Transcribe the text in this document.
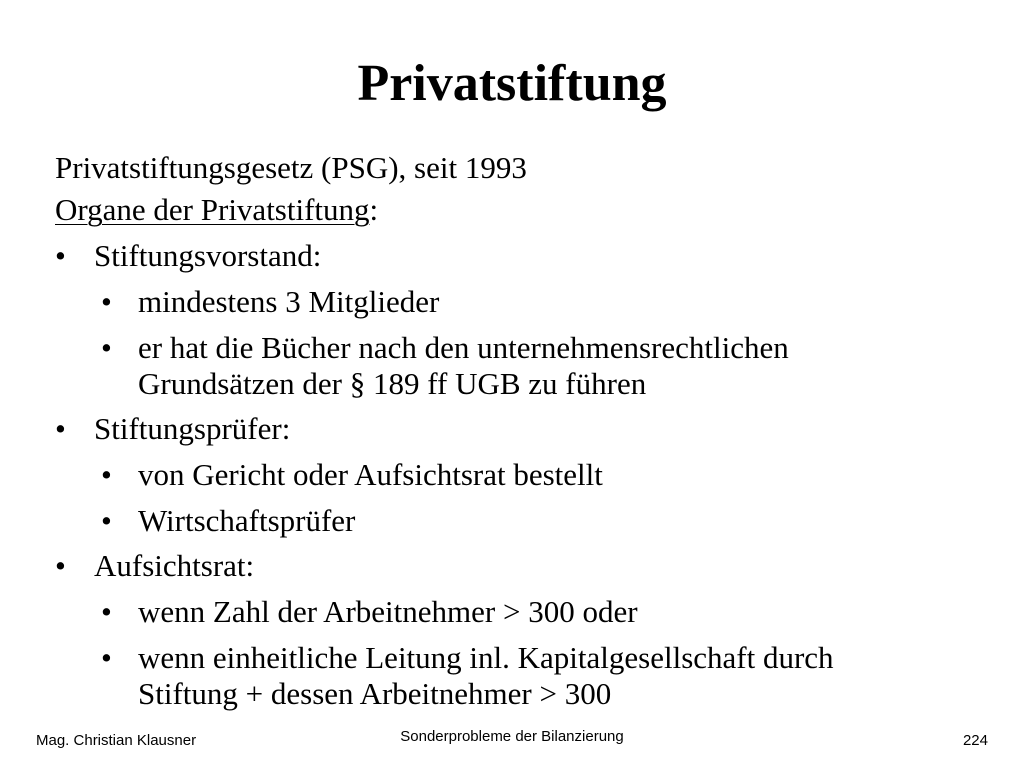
Privatstiftung

Privatstiftungsgesetz (PSG), seit 1993

Organe der Privatstiftung:

• Stiftungsvorstand:

• mindestens 3 Mitglieder

• er hat die Bücher nach den unternehmensrechtlichen
Grundsätzen der § 189 ff UGB zu führen

• Stiftungsprüfer:

• von Gericht oder Aufsichtsrat bestellt

• Wirtschaftsprüfer

• Aufsichtsrat:

• wenn Zahl der Arbeitnehmer > 300 oder

• wenn einheitliche Leitung inl. Kapitalgesellschaft durch
Stiftung + dessen Arbeitnehmer > 300

Mag. Christian Klausner	Sonderprobleme der Bilanzierung	224
